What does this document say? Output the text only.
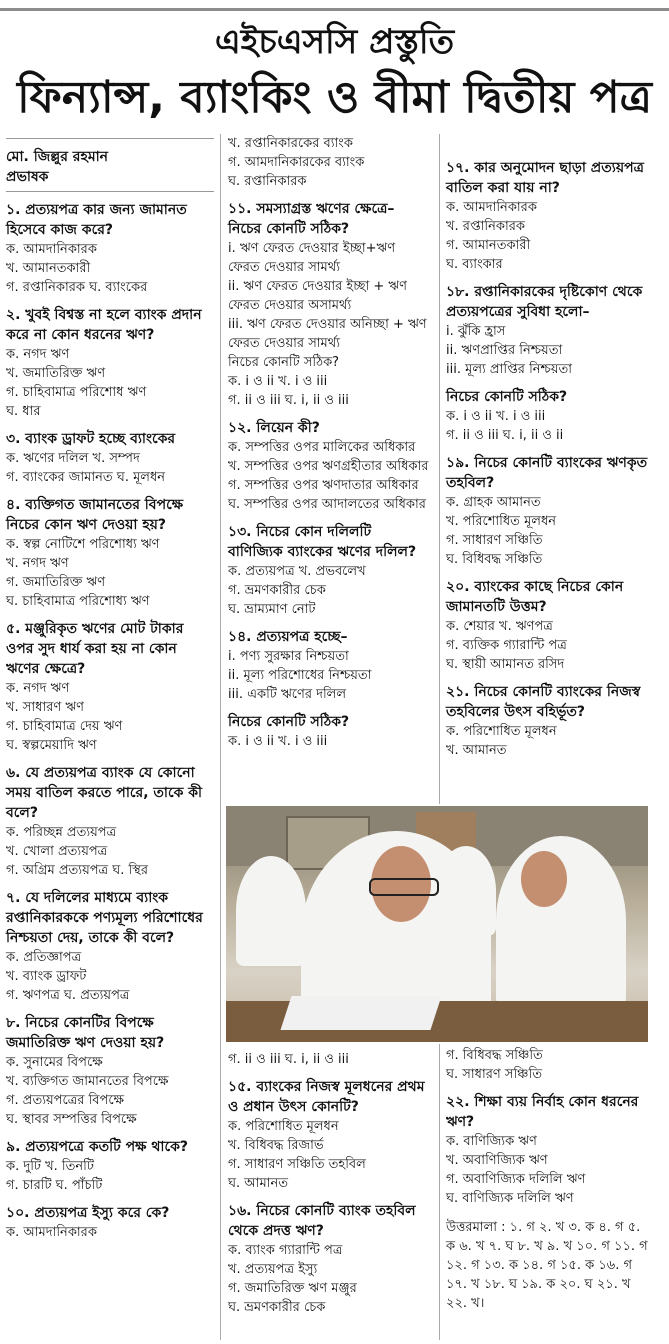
এইচএসসি প্রস্তুতি
ফিন্যান্স, ব্যাংকিং ও বীমা দ্বিতীয় পত্র
মো. জিল্লুর রহমান
প্রভাষক
১. প্রত্যয়পত্র কার জন্য জামানত হিসেবে কাজ করে?
ক. আমদানিকারক
খ. আমানতকারী
গ. রপ্তানিকারক ঘ. ব্যাংকের
২. খুবই বিশ্বস্ত না হলে ব্যাংক প্রদান করে না কোন ধরনের ঋণ?
ক. নগদ ঋণ
খ. জমাতিরিক্ত ঋণ
গ. চাহিবামাত্র পরিশোধ ঋণ
ঘ. ধার
৩. ব্যাংক ড্রাফট হচ্ছে ব্যাংকের
ক. ঋণের দলিল খ. সম্পদ
গ. ব্যাংকের জামানত ঘ. মূলধন
৪. ব্যক্তিগত জামানতের বিপক্ষে নিচের কোন ঋণ দেওয়া হয়?
ক. স্বল্প নোটিশে পরিশোধ্য ঋণ
খ. নগদ ঋণ
গ. জমাতিরিক্ত ঋণ
ঘ. চাহিবামাত্র পরিশোধ্য ঋণ
৫. মঞ্জুরিকৃত ঋণের মোট টাকার ওপর সুদ ধার্য করা হয় না কোন ঋণের ক্ষেত্রে?
ক. নগদ ঋণ
খ. সাধারণ ঋণ
গ. চাহিবামাত্র দেয় ঋণ
ঘ. স্বল্পমেয়াদি ঋণ
৬. যে প্রত্যয়পত্র ব্যাংক যে কোনো সময় বাতিল করতে পারে, তাকে কী বলে?
ক. পরিচ্ছন্ন প্রত্যয়পত্র
খ. খোলা প্রত্যয়পত্র
গ. অগ্রিম প্রত্যয়পত্র ঘ. স্থির
৭. যে দলিলের মাধ্যমে ব্যাংক রপ্তানিকারককে পণ্যমূল্য পরিশোধের নিশ্চয়তা দেয়, তাকে কী বলে?
ক. প্রতিজ্ঞাপত্র
খ. ব্যাংক ড্রাফট
গ. ঋণপত্র ঘ. প্রত্যয়পত্র
৮. নিচের কোনটির বিপক্ষে জমাতিরিক্ত ঋণ দেওয়া হয়?
ক. সুনামের বিপক্ষে
খ. ব্যক্তিগত জামানতের বিপক্ষে
গ. প্রত্যয়পত্রের বিপক্ষে
ঘ. স্থাবর সম্পত্তির বিপক্ষে
৯. প্রত্যয়পত্রে কতটি পক্ষ থাকে?
ক. দুটি খ. তিনটি
গ. চারটি ঘ. পাঁচটি
১০. প্রত্যয়পত্র ইস্যু করে কে?
ক. আমদানিকারক
খ. রপ্তানিকারকের ব্যাংক
গ. আমদানিকারকের ব্যাংক
ঘ. রপ্তানিকারক
১১. সমস্যাগ্রস্ত ঋণের ক্ষেত্রে– নিচের কোনটি সঠিক?
i. ঋণ ফেরত দেওয়ার ইচ্ছা+ঋণ ফেরত দেওয়ার সামর্থ্য
ii. ঋণ ফেরত দেওয়ার ইচ্ছা + ঋণ ফেরত দেওয়ার অসামর্থ্য
iii. ঋণ ফেরত দেওয়ার অনিচ্ছা + ঋণ ফেরত দেওয়ার সামর্থ্য
নিচের কোনটি সঠিক?
ক. i ও ii খ. i ও iii
গ. ii ও iii ঘ. i, ii ও iii
১২. লিয়েন কী?
ক. সম্পত্তির ওপর মালিকের অধিকার
খ. সম্পত্তির ওপর ঋণগ্রহীতার অধিকার
গ. সম্পত্তির ওপর ঋণদাতার অধিকার
ঘ. সম্পত্তির ওপর আদালতের অধিকার
১৩. নিচের কোন দলিলটি বাণিজ্যিক ব্যাংকের ঋণের দলিল?
ক. প্রত্যয়পত্র খ. প্রভবলেখ
গ. ভ্রমণকারীর চেক
ঘ. ভ্রাম্যমাণ নোট
১৪. প্রত্যয়পত্র হচ্ছে–
i. পণ্য সুরক্ষার নিশ্চয়তা
ii. মূল্য পরিশোধের নিশ্চয়তা
iii. একটি ঋণের দলিল
নিচের কোনটি সঠিক?
ক. i ও ii খ. i ও iii
১৭. কার অনুমোদন ছাড়া প্রত্যয়পত্র বাতিল করা যায় না?
ক. আমদানিকারক
খ. রপ্তানিকারক
গ. আমানতকারী
ঘ. ব্যাংকার
১৮. রপ্তানিকারকের দৃষ্টিকোণ থেকে প্রত্যয়পত্রের সুবিধা হলো–
i. ঝুঁকি হ্রাস
ii. ঋণপ্রাপ্তির নিশ্চয়তা
iii. মূল্য প্রাপ্তির নিশ্চয়তা
নিচের কোনটি সঠিক?
ক. i ও ii খ. i ও iii
গ. ii ও iii ঘ. i, ii ও ii
১৯. নিচের কোনটি ব্যাংকের ঋণকৃত তহবিল?
ক. গ্রাহক আমানত
খ. পরিশোধিত মূলধন
গ. সাধারণ সঞ্চিতি
ঘ. বিধিবদ্ধ সঞ্চিতি
২০. ব্যাংকের কাছে নিচের কোন জামানতটি উত্তম?
ক. শেয়ার খ. ঋণপত্র
গ. ব্যক্তিক গ্যারান্টি পত্র
ঘ. স্থায়ী আমানত রসিদ
২১. নিচের কোনটি ব্যাংকের নিজস্ব তহবিলের উৎস বহির্ভূত?
ক. পরিশোধিত মূলধন
খ. আমানত
গ. ii ও iii ঘ. i, ii ও iii
১৫. ব্যাংকের নিজস্ব মূলধনের প্রথম ও প্রধান উৎস কোনটি?
ক. পরিশোধিত মূলধন
খ. বিধিবদ্ধ রিজার্ভ
গ. সাধারণ সঞ্চিতি তহবিল
ঘ. আমানত
১৬. নিচের কোনটি ব্যাংক তহবিল থেকে প্রদত্ত ঋণ?
ক. ব্যাংক গ্যারান্টি পত্র
খ. প্রত্যয়পত্র ইস্যু
গ. জমাতিরিক্ত ঋণ মঞ্জুর
ঘ. ভ্রমণকারীর চেক
গ. বিধিবদ্ধ সঞ্চিতি
ঘ. সাধারণ সঞ্চিতি
২২. শিক্ষা ব্যয় নির্বাহ কোন ধরনের ঋণ?
ক. বাণিজ্যিক ঋণ
খ. অবাণিজ্যিক ঋণ
গ. অবাণিজ্যিক দলিলি ঋণ
ঘ. বাণিজ্যিক দলিলি ঋণ
উত্তরমালা : ১. গ ২. খ ৩. ক ৪. গ ৫. ক ৬. খ ৭. ঘ ৮. খ ৯. খ ১০. গ ১১. গ ১২. গ ১৩. ক ১৪. গ ১৫. ক ১৬. গ ১৭. খ ১৮. ঘ ১৯. ক ২০. ঘ ২১. খ ২২. খ।
